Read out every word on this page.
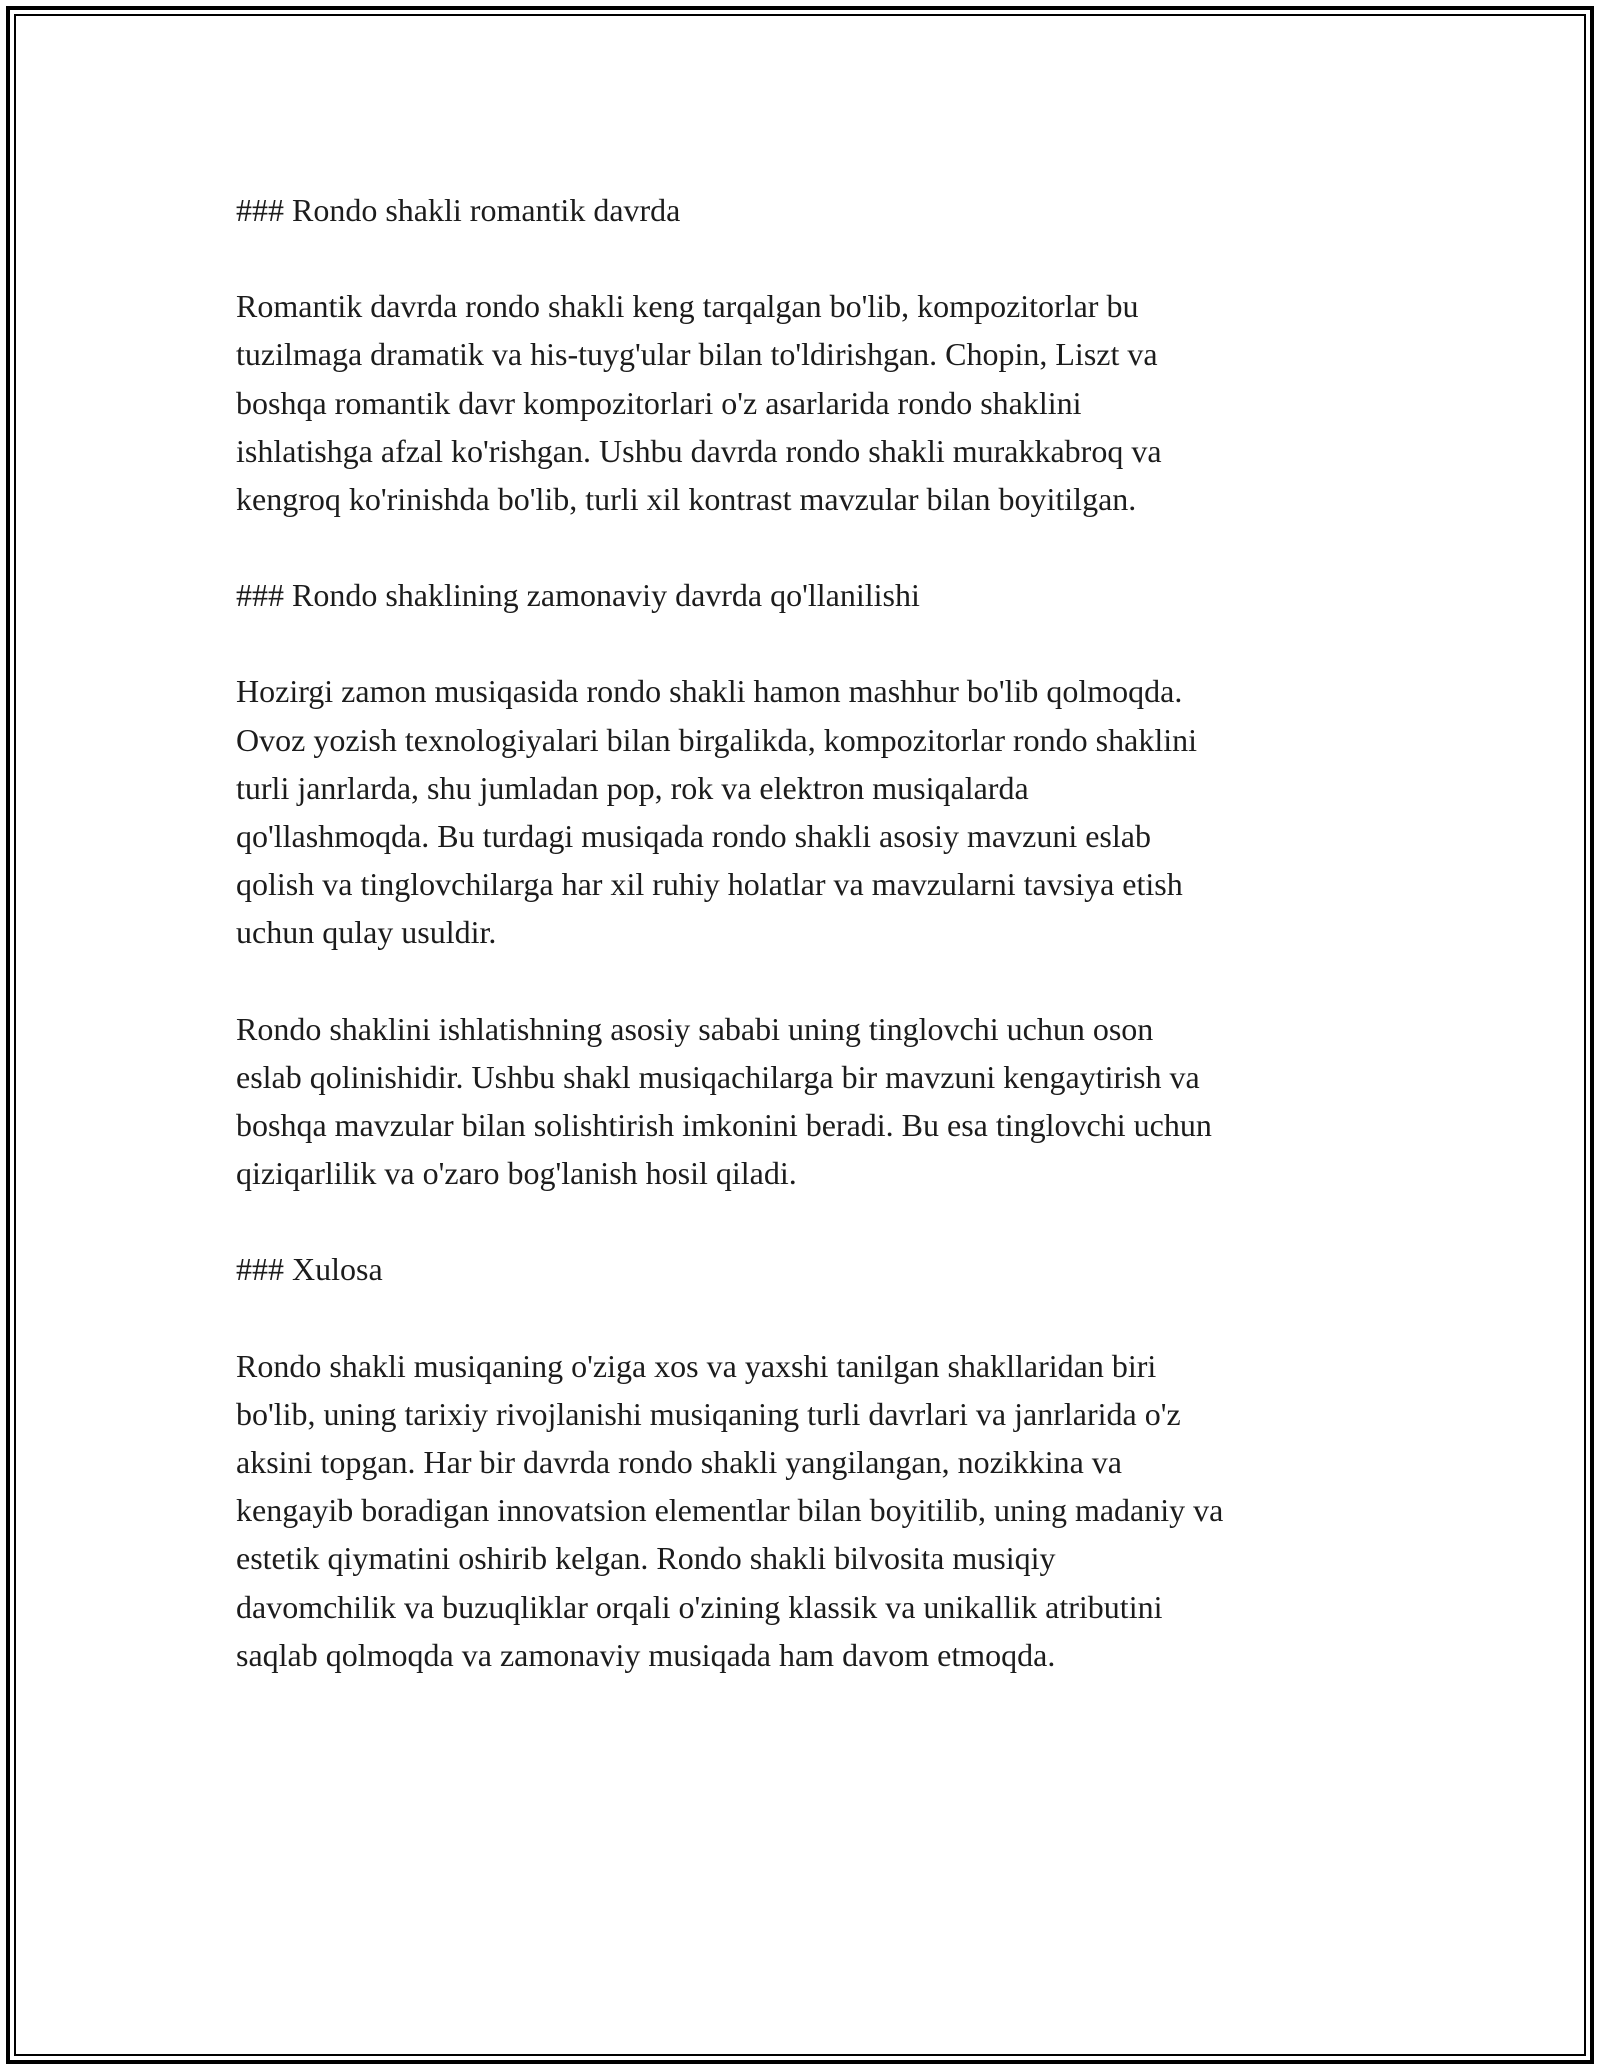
### Rondo shakli romantik davrda
Romantik davrda rondo shakli keng tarqalgan bo'lib, kompozitorlar bu
tuzilmaga dramatik va his-tuyg'ular bilan to'ldirishgan. Chopin, Liszt va
boshqa romantik davr kompozitorlari o'z asarlarida rondo shaklini
ishlatishga afzal ko'rishgan. Ushbu davrda rondo shakli murakkabroq va
kengroq ko'rinishda bo'lib, turli xil kontrast mavzular bilan boyitilgan.
### Rondo shaklining zamonaviy davrda qo'llanilishi
Hozirgi zamon musiqasida rondo shakli hamon mashhur bo'lib qolmoqda.
Ovoz yozish texnologiyalari bilan birgalikda, kompozitorlar rondo shaklini
turli janrlarda, shu jumladan pop, rok va elektron musiqalarda
qo'llashmoqda. Bu turdagi musiqada rondo shakli asosiy mavzuni eslab
qolish va tinglovchilarga har xil ruhiy holatlar va mavzularni tavsiya etish
uchun qulay usuldir.
Rondo shaklini ishlatishning asosiy sababi uning tinglovchi uchun oson
eslab qolinishidir. Ushbu shakl musiqachilarga bir mavzuni kengaytirish va
boshqa mavzular bilan solishtirish imkonini beradi. Bu esa tinglovchi uchun
qiziqarlilik va o'zaro bog'lanish hosil qiladi.
### Xulosa
Rondo shakli musiqaning o'ziga xos va yaxshi tanilgan shakllaridan biri
bo'lib, uning tarixiy rivojlanishi musiqaning turli davrlari va janrlarida o'z
aksini topgan. Har bir davrda rondo shakli yangilangan, nozikkina va
kengayib boradigan innovatsion elementlar bilan boyitilib, uning madaniy va
estetik qiymatini oshirib kelgan. Rondo shakli bilvosita musiqiy
davomchilik va buzuqliklar orqali o'zining klassik va unikallik atributini
saqlab qolmoqda va zamonaviy musiqada ham davom etmoqda.
